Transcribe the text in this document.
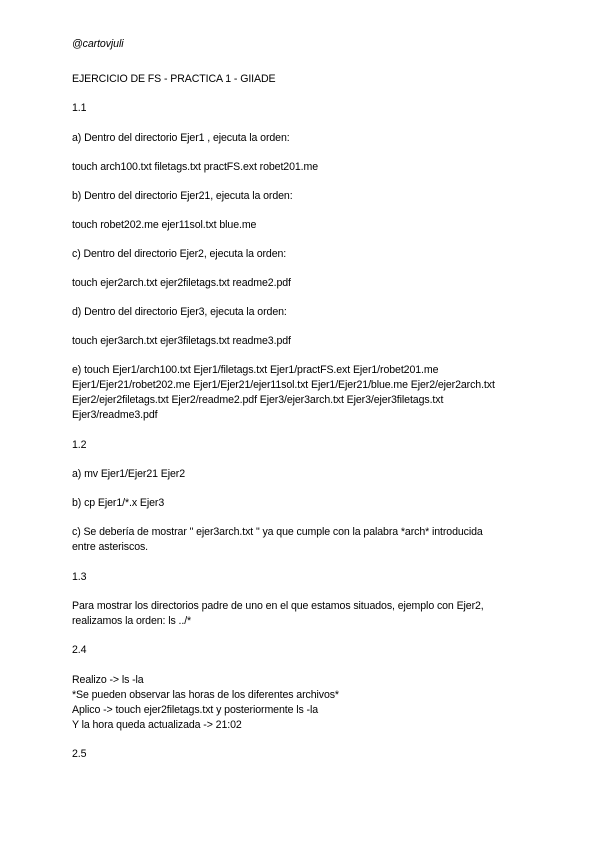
@cartovjuli
EJERCICIO DE FS - PRACTICA 1 - GIIADE
1.1
a) Dentro del directorio Ejer1 , ejecuta la orden:
touch arch100.txt filetags.txt practFS.ext robet201.me
b) Dentro del directorio Ejer21, ejecuta la orden:
touch robet202.me ejer11sol.txt blue.me
c) Dentro del directorio Ejer2, ejecuta la orden:
touch ejer2arch.txt ejer2filetags.txt readme2.pdf
d) Dentro del directorio Ejer3, ejecuta la orden:
touch ejer3arch.txt ejer3filetags.txt readme3.pdf
e) touch Ejer1/arch100.txt Ejer1/filetags.txt Ejer1/practFS.ext Ejer1/robet201.me
Ejer1/Ejer21/robet202.me Ejer1/Ejer21/ejer11sol.txt Ejer1/Ejer21/blue.me Ejer2/ejer2arch.txt
Ejer2/ejer2filetags.txt Ejer2/readme2.pdf Ejer3/ejer3arch.txt Ejer3/ejer3filetags.txt
Ejer3/readme3.pdf
1.2
a) mv Ejer1/Ejer21 Ejer2
b) cp Ejer1/*.x Ejer3
c) Se debería de mostrar " ejer3arch.txt " ya que cumple con la palabra *arch* introducida
entre asteriscos.
1.3
Para mostrar los directorios padre de uno en el que estamos situados, ejemplo con Ejer2,
realizamos la orden: ls ../*
2.4
Realizo -> ls -la
*Se pueden observar las horas de los diferentes archivos*
Aplico -> touch ejer2filetags.txt y posteriormente ls -la
Y la hora queda actualizada -> 21:02
2.5
